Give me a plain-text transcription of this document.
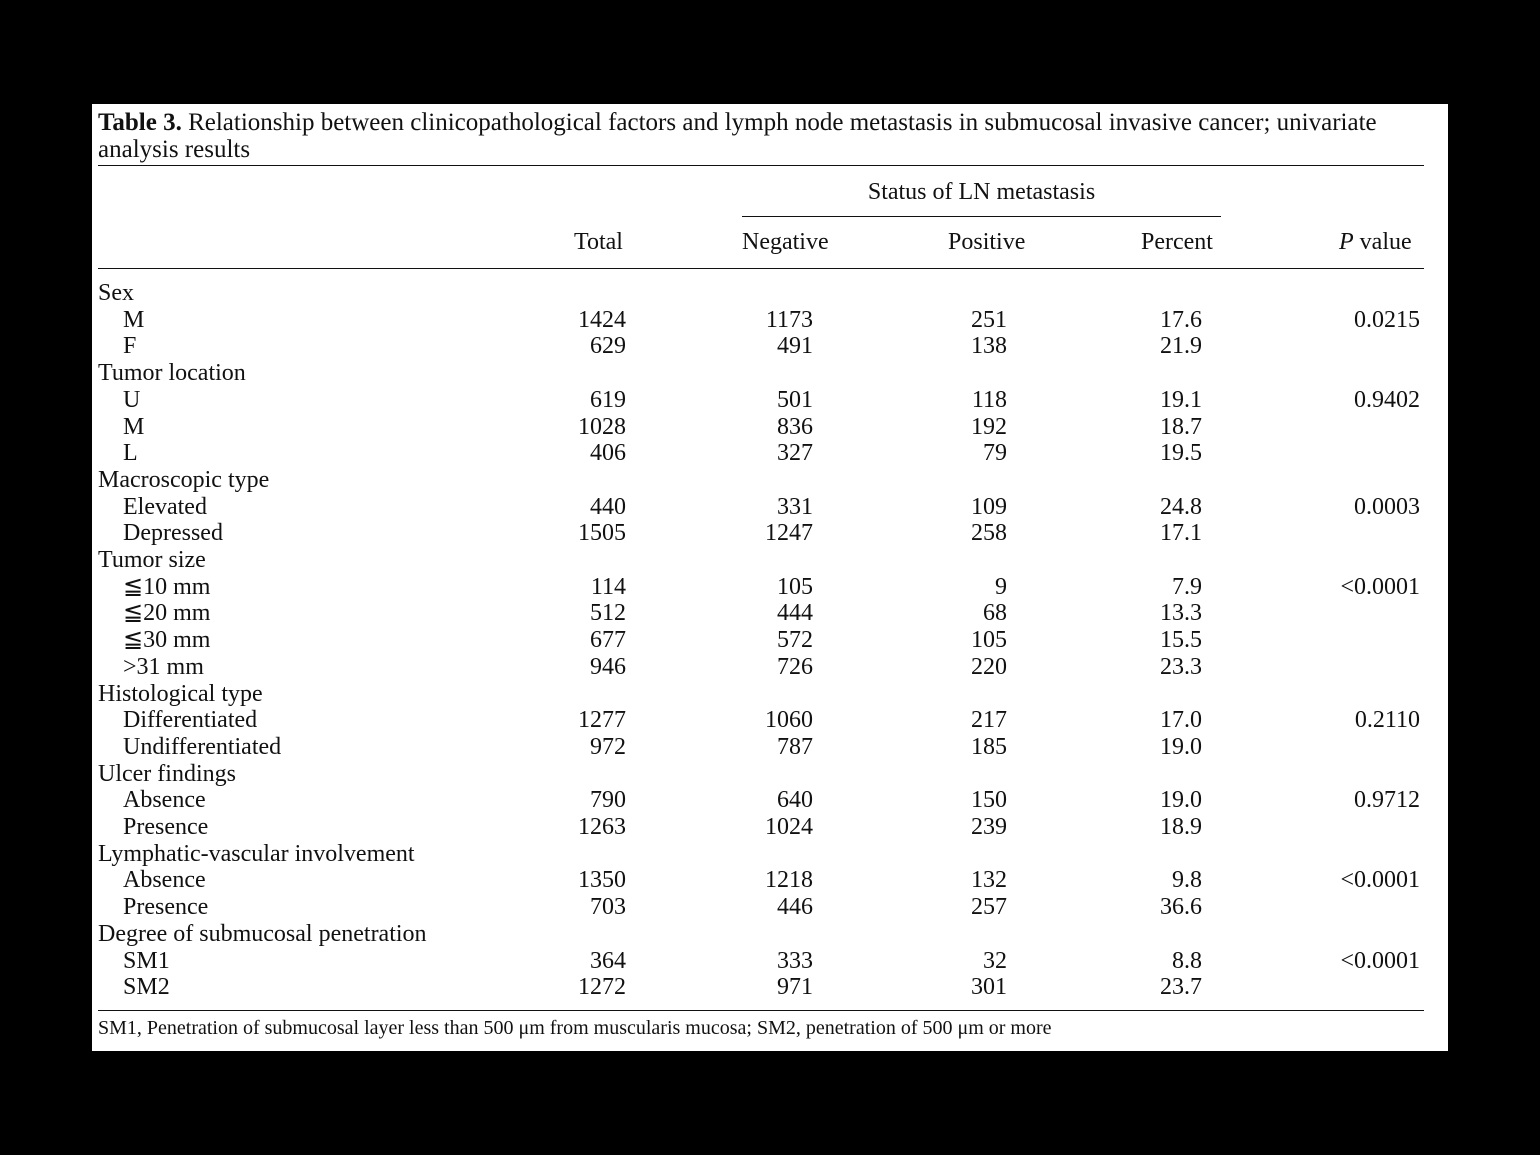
Table 3. Relationship between clinicopathological factors and lymph node metastasis in submucosal invasive cancer; univariate analysis results
Status of LN metastasis
Total	Negative	Positive	Percent	P value
Sex
M	1424	1173	251	17.6	0.0215
F	629	491	138	21.9
Tumor location
U	619	501	118	19.1	0.9402
M	1028	836	192	18.7
L	406	327	79	19.5
Macroscopic type
Elevated	440	331	109	24.8	0.0003
Depressed	1505	1247	258	17.1
Tumor size
≦10 mm	114	105	9	7.9	<0.0001
≦20 mm	512	444	68	13.3
≦30 mm	677	572	105	15.5
>31 mm	946	726	220	23.3
Histological type
Differentiated	1277	1060	217	17.0	0.2110
Undifferentiated	972	787	185	19.0
Ulcer findings
Absence	790	640	150	19.0	0.9712
Presence	1263	1024	239	18.9
Lymphatic-vascular involvement
Absence	1350	1218	132	9.8	<0.0001
Presence	703	446	257	36.6
Degree of submucosal penetration
SM1	364	333	32	8.8	<0.0001
SM2	1272	971	301	23.7
SM1, Penetration of submucosal layer less than 500 μm from muscularis mucosa; SM2, penetration of 500 μm or more
